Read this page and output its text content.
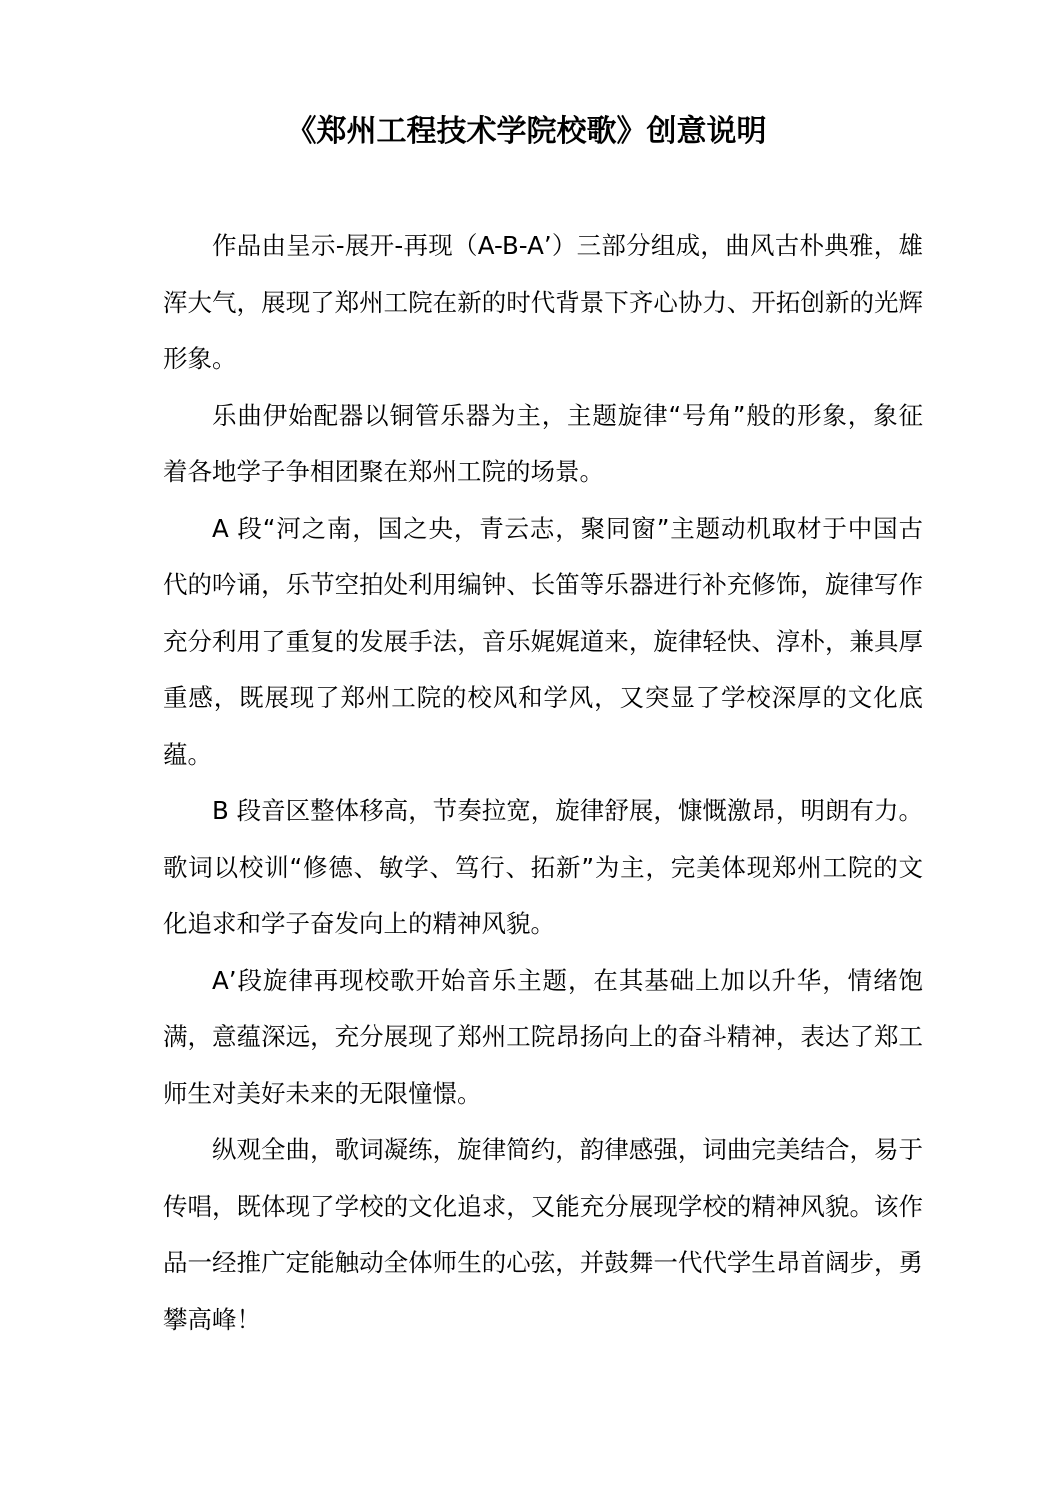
《郑州工程技术学院校歌》创意说明

作品由呈示-展开-再现（A-B-A’）三部分组成，曲风古朴典雅，雄浑大气，展现了郑州工院在新的时代背景下齐心协力、开拓创新的光辉形象。

乐曲伊始配器以铜管乐器为主，主题旋律“号角”般的形象，象征着各地学子争相团聚在郑州工院的场景。

A 段“河之南，国之央，青云志，聚同窗”主题动机取材于中国古代的吟诵，乐节空拍处利用编钟、长笛等乐器进行补充修饰，旋律写作充分利用了重复的发展手法，音乐娓娓道来，旋律轻快、淳朴，兼具厚重感，既展现了郑州工院的校风和学风，又突显了学校深厚的文化底蕴。

B 段音区整体移高，节奏拉宽，旋律舒展，慷慨激昂，明朗有力。歌词以校训“修德、敏学、笃行、拓新”为主，完美体现郑州工院的文化追求和学子奋发向上的精神风貌。

A’段旋律再现校歌开始音乐主题，在其基础上加以升华，情绪饱满，意蕴深远，充分展现了郑州工院昂扬向上的奋斗精神，表达了郑工师生对美好未来的无限憧憬。

纵观全曲，歌词凝练，旋律简约，韵律感强，词曲完美结合，易于传唱，既体现了学校的文化追求，又能充分展现学校的精神风貌。该作品一经推广定能触动全体师生的心弦，并鼓舞一代代学生昂首阔步，勇攀高峰！
